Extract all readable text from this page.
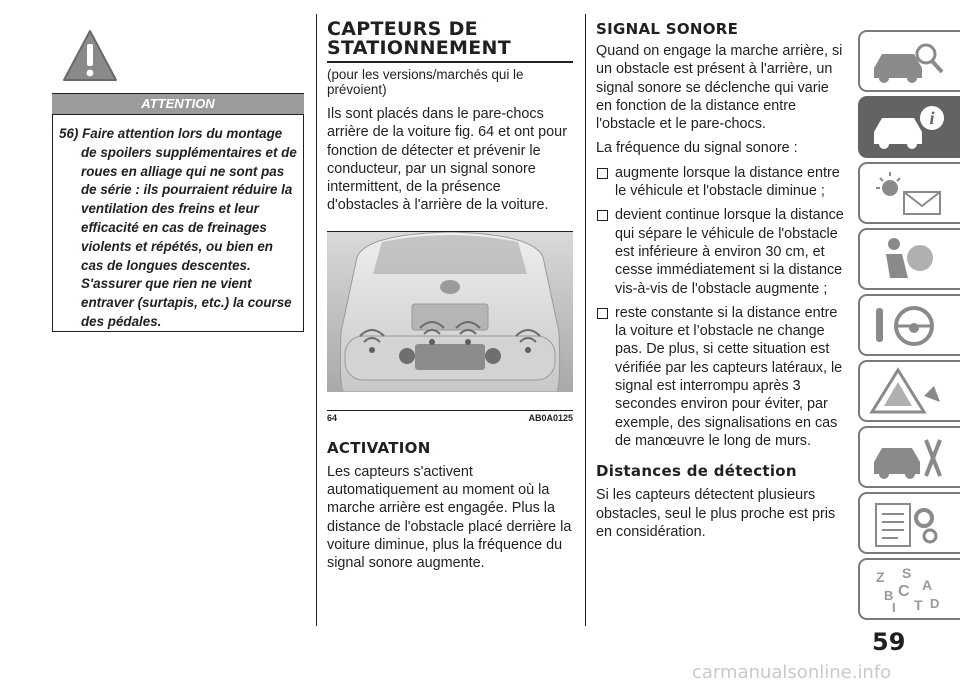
ATTENTION
56) Faire attention lors du montage de spoilers supplémentaires et de roues en alliage qui ne sont pas de série : ils pourraient réduire la ventilation des freins et leur efficacité en cas de freinages violents et répétés, ou bien en cas de longues descentes. S'assurer que rien ne vient entraver (surtapis, etc.) la course des pédales.
CAPTEURS DE STATIONNEMENT

(pour les versions/marchés qui le prévoient)

Ils sont placés dans le pare-chocs arrière de la voiture fig. 64 et ont pour fonction de détecter et prévenir le conducteur, par un signal sonore intermittent, de la présence d'obstacles à l'arrière de la voiture.

64	AB0A0125
ACTIVATION

Les capteurs s'activent automatiquement au moment où la marche arrière est engagée. Plus la distance de l'obstacle placé derrière la voiture diminue, plus la fréquence du signal sonore augmente.

SIGNAL SONORE

Quand on engage la marche arrière, si un obstacle est présent à l'arrière, un signal sonore se déclenche qui varie en fonction de la distance entre l'obstacle et le pare-chocs.

La fréquence du signal sonore :

augmente lorsque la distance entre le véhicule et l'obstacle diminue ;
devient continue lorsque la distance qui sépare le véhicule de l'obstacle est inférieure à environ 30 cm, et cesse immédiatement si la distance vis-à-vis de l'obstacle augmente ;
reste constante si la distance entre la voiture et l’obstacle ne change pas. De plus, si cette situation est vérifiée par les capteurs latéraux, le signal est interrompu après 3 secondes environ pour éviter, par exemple, des signalisations en cas de manœuvre le long de murs.
Distances de détection

Si les capteurs détectent plusieurs obstacles, seul le plus proche est pris en considération.

i
Z S
A
B
I
C
T D
59
carmanualsonline.info
